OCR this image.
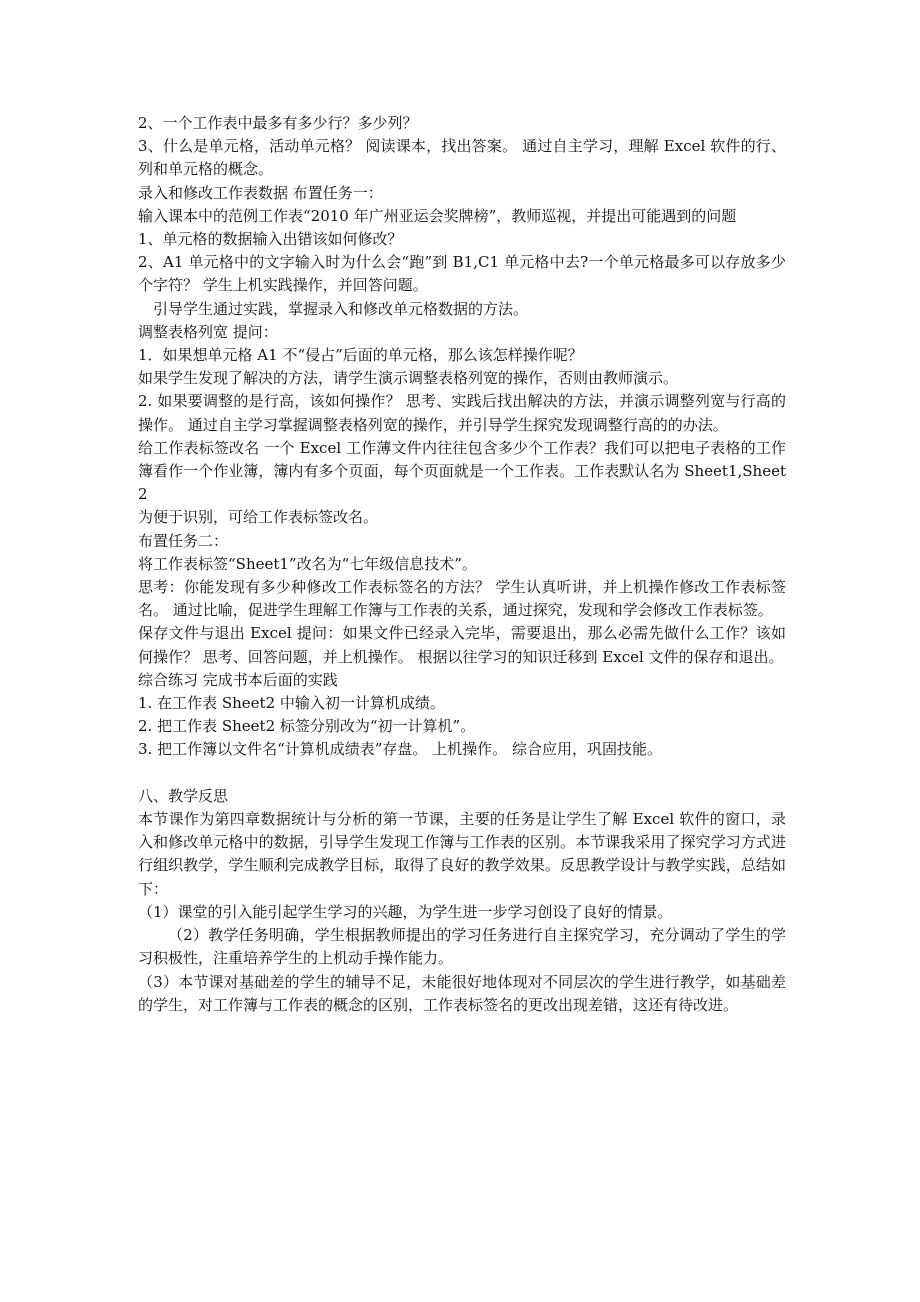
2、一个工作表中最多有多少行？多少列？

3、什么是单元格，活动单元格？ 阅读课本，找出答案。 通过自主学习，理解 Excel 软件的行、列和单元格的概念。

录入和修改工作表数据 布置任务一：

输入课本中的范例工作表“2010 年广州亚运会奖牌榜”，教师巡视，并提出可能遇到的问题

1、单元格的数据输入出错该如何修改？

2、A1 单元格中的文字输入时为什么会“跑”到 B1,C1 单元格中去?一个单元格最多可以存放多少个字符？ 学生上机实践操作，并回答问题。

引导学生通过实践，掌握录入和修改单元格数据的方法。

调整表格列宽 提问：

1．如果想单元格 A1 不“侵占”后面的单元格，那么该怎样操作呢？

如果学生发现了解决的方法，请学生演示调整表格列宽的操作，否则由教师演示。

2. 如果要调整的是行高，该如何操作？ 思考、实践后找出解决的方法，并演示调整列宽与行高的操作。 通过自主学习掌握调整表格列宽的操作，并引导学生探究发现调整行高的的办法。

给工作表标签改名 一个 Excel 工作薄文件内往往包含多少个工作表？我们可以把电子表格的工作簿看作一个作业簿，簿内有多个页面，每个页面就是一个工作表。工作表默认名为 Sheet1,Sheet2

为便于识别，可给工作表标签改名。

布置任务二：

将工作表标签“Sheet1”改名为“七年级信息技术”。

思考：你能发现有多少种修改工作表标签名的方法？ 学生认真听讲，并上机操作修改工作表标签名。 通过比喻，促进学生理解工作簿与工作表的关系，通过探究，发现和学会修改工作表标签。

保存文件与退出 Excel 提问：如果文件已经录入完毕，需要退出，那么必需先做什么工作？该如何操作？ 思考、回答问题，并上机操作。 根据以往学习的知识迁移到 Excel 文件的保存和退出。

综合练习 完成书本后面的实践

1. 在工作表 Sheet2 中输入初一计算机成绩。

2. 把工作表 Sheet2 标签分别改为“初一计算机”。

3. 把工作簿以文件名“计算机成绩表”存盘。 上机操作。 综合应用，巩固技能。

八、教学反思

本节课作为第四章数据统计与分析的第一节课，主要的任务是让学生了解 Excel 软件的窗口，录入和修改单元格中的数据，引导学生发现工作簿与工作表的区别。本节课我采用了探究学习方式进行组织教学，学生顺利完成教学目标，取得了良好的教学效果。反思教学设计与教学实践，总结如下：

（1）课堂的引入能引起学生学习的兴趣，为学生进一步学习创设了良好的情景。

（2）教学任务明确，学生根据教师提出的学习任务进行自主探究学习，充分调动了学生的学习积极性，注重培养学生的上机动手操作能力。

（3）本节课对基础差的学生的辅导不足，未能很好地体现对不同层次的学生进行教学，如基础差的学生，对工作簿与工作表的概念的区别，工作表标签名的更改出现差错，这还有待改进。
